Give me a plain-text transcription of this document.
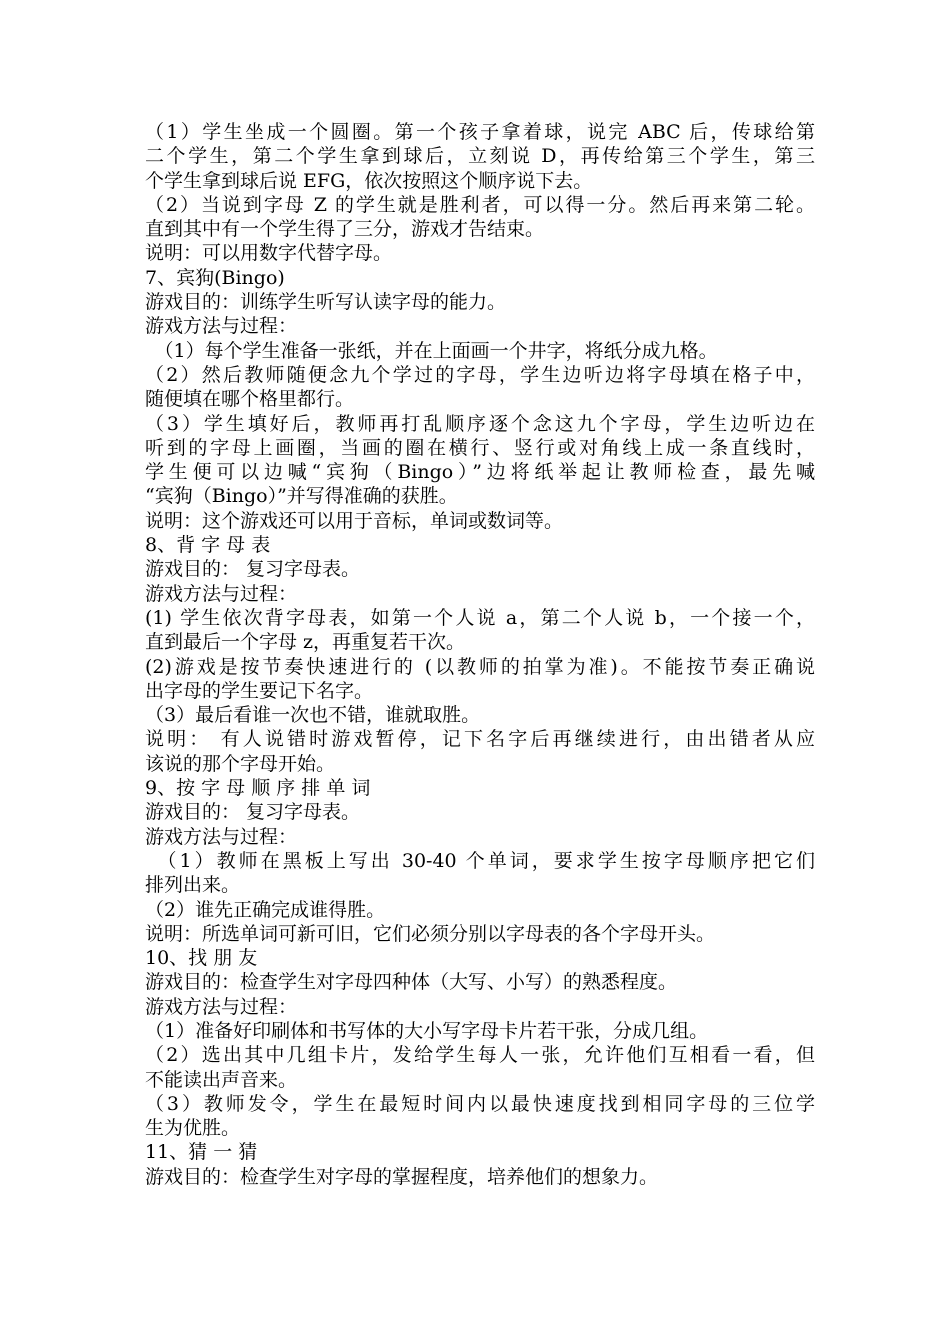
（1）学生坐成一个圆圈。第一个孩子拿着球，说完 ABC 后，传球给第
二个学生，第二个学生拿到球后，立刻说 D，再传给第三个学生，第三
个学生拿到球后说 EFG，依次按照这个顺序说下去。
（2）当说到字母 Z 的学生就是胜利者，可以得一分。然后再来第二轮。
直到其中有一个学生得了三分，游戏才告结束。
说明：可以用数字代替字母。
7、宾狗(Bingo)
游戏目的：训练学生听写认读字母的能力。
游戏方法与过程：
　（1）每个学生准备一张纸，并在上面画一个井字，将纸分成九格。
（2）然后教师随便念九个学过的字母，学生边听边将字母填在格子中，
随便填在哪个格里都行。
（3）学生填好后，教师再打乱顺序逐个念这九个字母，学生边听边在
听到的字母上画圈，当画的圈在横行、竖行或对角线上成一条直线时，
学生便可以边喊“宾狗（Bingo）”边将纸举起让教师检查，最先喊
“宾狗（Bingo）”并写得准确的获胜。
说明：这个游戏还可以用于音标，单词或数词等。
8、背 字 母 表
游戏目的： 复习字母表。
游戏方法与过程：
(1) 学生依次背字母表，如第一个人说 a，第二个人说 b，一个接一个，
直到最后一个字母 z，再重复若干次。
(2)游戏是按节奏快速进行的 (以教师的拍掌为准)。不能按节奏正确说
出字母的学生要记下名字。
（3）最后看谁一次也不错，谁就取胜。
说明： 有人说错时游戏暂停，记下名字后再继续进行，由出错者从应
该说的那个字母开始。
9、按 字 母 顺 序 排 单 词
游戏目的： 复习字母表。
游戏方法与过程：
　（1）教师在黑板上写出 30-40 个单词，要求学生按字母顺序把它们
排列出来。
（2）谁先正确完成谁得胜。
说明：所选单词可新可旧，它们必须分别以字母表的各个字母开头。
10、找 朋 友
游戏目的：检查学生对字母四种体（大写、小写）的熟悉程度。
游戏方法与过程：
（1）准备好印刷体和书写体的大小写字母卡片若干张，分成几组。
（2）选出其中几组卡片，发给学生每人一张，允许他们互相看一看，但
不能读出声音来。
（3）教师发令，学生在最短时间内以最快速度找到相同字母的三位学
生为优胜。
11、猜 一 猜
游戏目的：检查学生对字母的掌握程度，培养他们的想象力。
